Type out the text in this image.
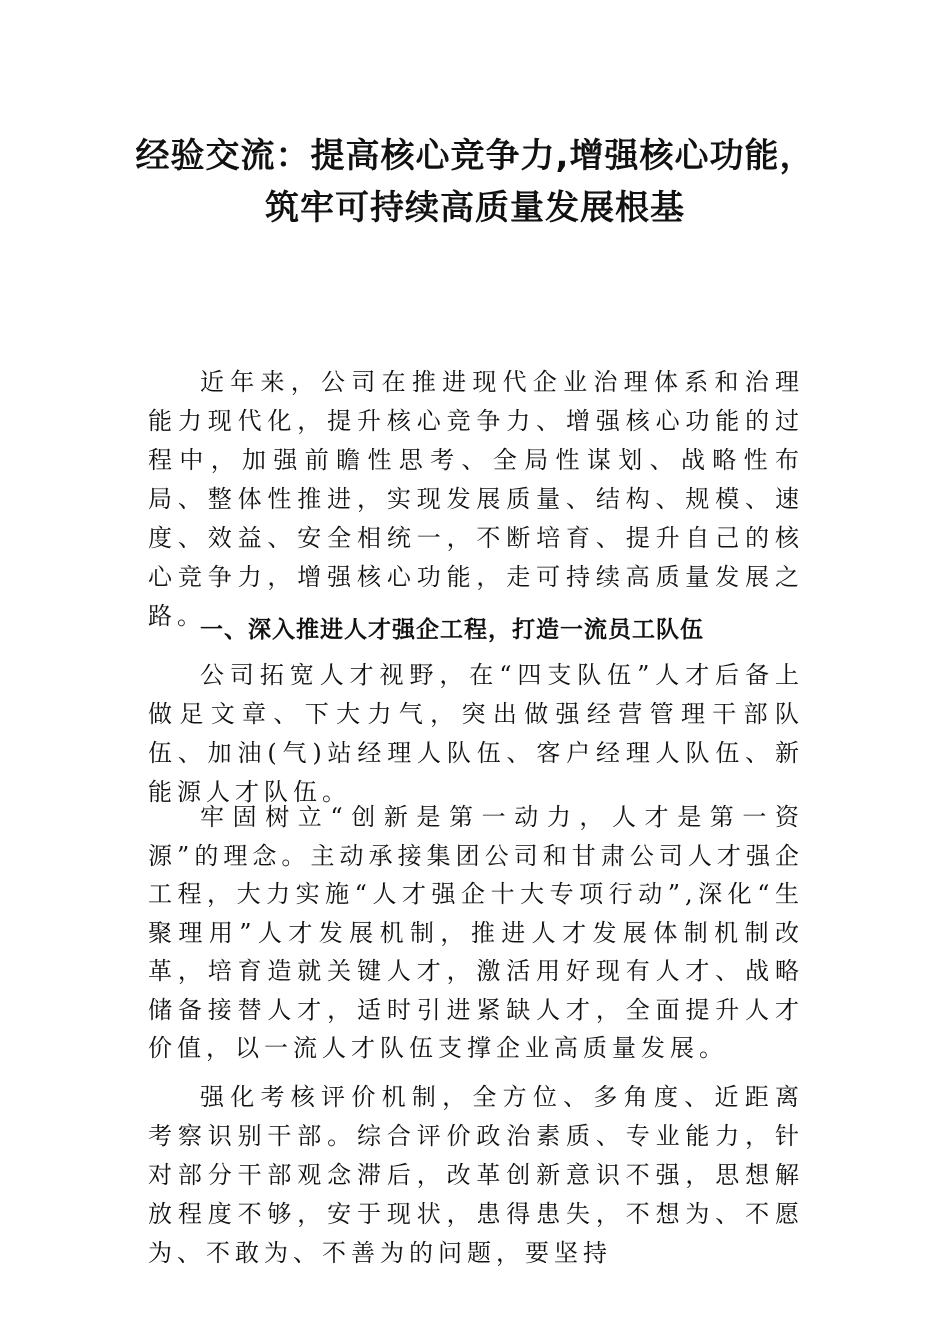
经验交流：提高核心竞争力,增强核心功能，
筑牢可持续高质量发展根基
近年来，公司在推进现代企业治理体系和治理能力现代化，提升核心竞争力、增强核心功能的过程中，加强前瞻性思考、全局性谋划、战略性布局、整体性推进，实现发展质量、结构、规模、速度、效益、安全相统一，不断培育、提升自己的核心竞争力，增强核心功能，走可持续高质量发展之路。
一、深入推进人才强企工程，打造一流员工队伍
公司拓宽人才视野，在“四支队伍”人才后备上做足文章、下大力气，突出做强经营管理干部队伍、加油(气)站经理人队伍、客户经理人队伍、新能源人才队伍。
牢固树立“创新是第一动力，人才是第一资源”的理念。主动承接集团公司和甘肃公司人才强企工程，大力实施“人才强企十大专项行动”,深化“生聚理用”人才发展机制，推进人才发展体制机制改革，培育造就关键人才，激活用好现有人才、战略储备接替人才，适时引进紧缺人才，全面提升人才价值，以一流人才队伍支撑企业高质量发展。
强化考核评价机制，全方位、多角度、近距离考察识别干部。综合评价政治素质、专业能力，针对部分干部观念滞后，改革创新意识不强，思想解放程度不够，安于现状，患得患失，不想为、不愿为、不敢为、不善为的问题，要坚持
